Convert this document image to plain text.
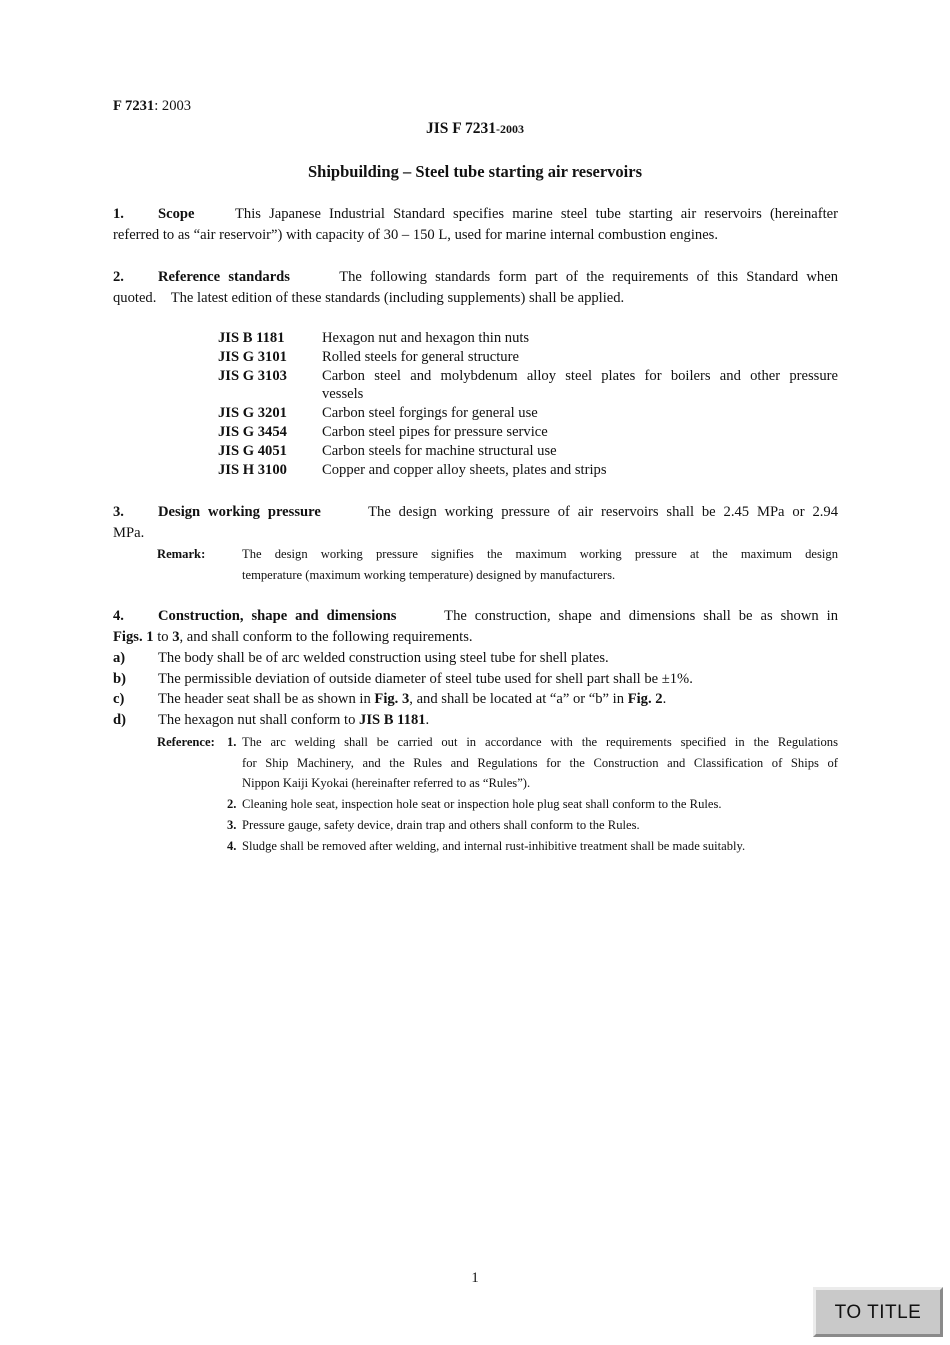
F 7231: 2003
JIS F 7231-2003
Shipbuilding – Steel tube starting air reservoirs
1. Scope	This Japanese Industrial Standard specifies marine steel tube starting air reservoirs (hereinafter
referred to as “air reservoir”) with capacity of 30 – 150 L, used for marine internal combustion engines.
2. Reference standards	The following standards form part of the requirements of this Standard when
quoted.    The latest edition of these standards (including supplements) shall be applied.
JIS B 1181	Hexagon nut and hexagon thin nuts
JIS G 3101 Rolled steels for general structure
JIS G 3103 Carbon steel and molybdenum alloy steel plates for boilers and other pressure
vessels
JIS G 3201 Carbon steel forgings for general use
JIS G 3454 Carbon steel pipes for pressure service
JIS G 4051 Carbon steels for machine structural use
JIS H 3100 Copper and copper alloy sheets, plates and strips
3. Design working pressure	The design working pressure of air reservoirs shall be 2.45 MPa or 2.94
MPa.
Remark:	The design working pressure signifies the maximum working pressure at the maximum design
temperature (maximum working temperature) designed by manufacturers.
4. Construction, shape and dimensions	The construction, shape and dimensions shall be as shown in
Figs. 1 to 3, and shall conform to the following requirements.
a) The body shall be of arc welded construction using steel tube for shell plates.
b) The permissible deviation of outside diameter of steel tube used for shell part shall be ±1%.
c) The header seat shall be as shown in Fig. 3, and shall be located at “a” or “b” in Fig. 2.
d) The hexagon nut shall conform to JIS B 1181.
Reference: 1. The arc welding shall be carried out in accordance with the requirements specified in the Regulations
for Ship Machinery, and the Rules and Regulations for the Construction and Classification of Ships of
Nippon Kaiji Kyokai (hereinafter referred to as “Rules”).
2. Cleaning hole seat, inspection hole seat or inspection hole plug seat shall conform to the Rules.
3. Pressure gauge, safety device, drain trap and others shall conform to the Rules.
4. Sludge shall be removed after welding, and internal rust-inhibitive treatment shall be made suitably.
1
TO TITLE
